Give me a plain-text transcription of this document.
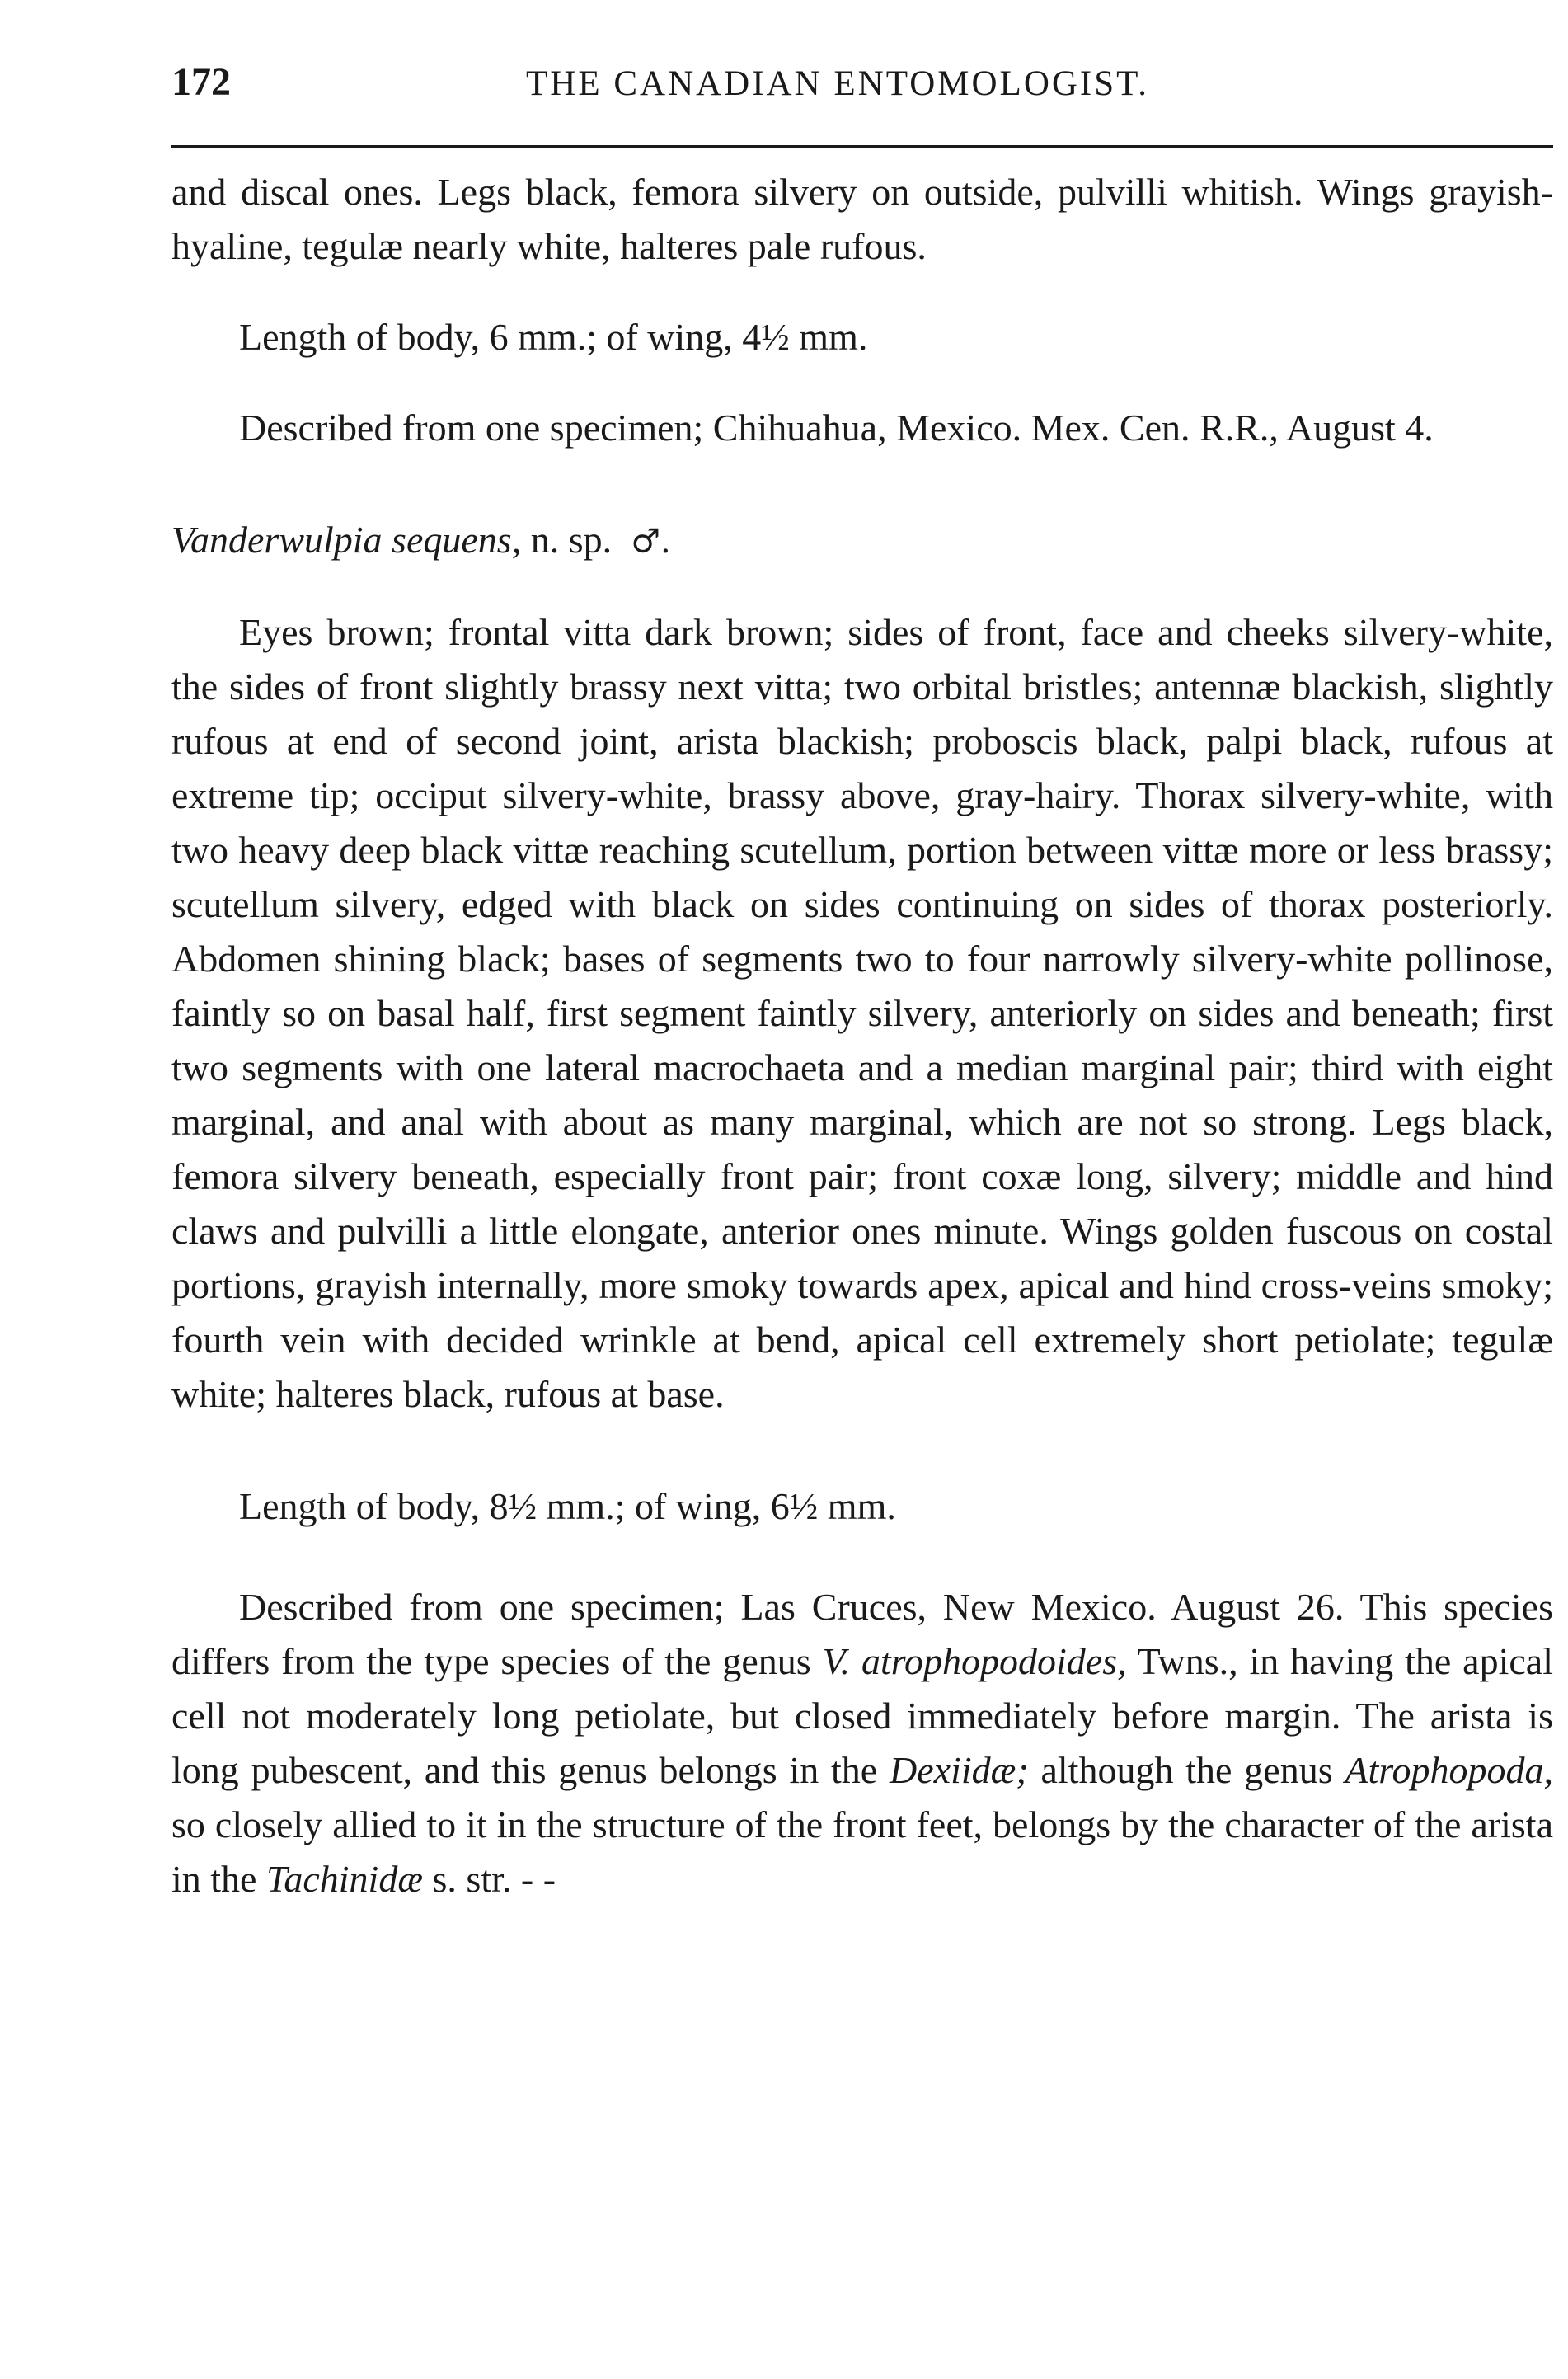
172	THE CANADIAN ENTOMOLOGIST.

and discal ones. Legs black, femora silvery on outside, pulvilli whitish. Wings grayish-hyaline, tegulæ nearly white, halteres pale rufous.

Length of body, 6 mm.; of wing, 4½ mm.

Described from one specimen; Chihuahua, Mexico. Mex. Cen. R.R., August 4.

Vanderwulpia sequens, n. sp. ♂.

Eyes brown; frontal vitta dark brown; sides of front, face and cheeks silvery-white, the sides of front slightly brassy next vitta; two orbital bristles; antennæ blackish, slightly rufous at end of second joint, arista blackish; proboscis black, palpi black, rufous at extreme tip; occiput silvery-white, brassy above, gray-hairy. Thorax silvery-white, with two heavy deep black vittæ reaching scutellum, portion between vittæ more or less brassy; scutellum silvery, edged with black on sides continuing on sides of thorax posteriorly. Abdomen shining black; bases of segments two to four narrowly silvery-white pollinose, faintly so on basal half, first segment faintly silvery, anteriorly on sides and beneath; first two segments with one lateral macrochaeta and a median marginal pair; third with eight marginal, and anal with about as many marginal, which are not so strong. Legs black, femora silvery beneath, especially front pair; front coxæ long, silvery; middle and hind claws and pulvilli a little elongate, anterior ones minute. Wings golden fuscous on costal portions, grayish internally, more smoky towards apex, apical and hind cross-veins smoky; fourth vein with decided wrinkle at bend, apical cell extremely short petiolate; tegulæ white; halteres black, rufous at base.

Length of body, 8½ mm.; of wing, 6½ mm.

Described from one specimen; Las Cruces, New Mexico. August 26. This species differs from the type species of the genus V. atrophopodoides, Twns., in having the apical cell not moderately long petiolate, but closed immediately before margin. The arista is long pubescent, and this genus belongs in the Dexiidæ; although the genus Atrophopoda, so closely allied to it in the structure of the front feet, belongs by the character of the arista in the Tachinidæ s. str. - -
